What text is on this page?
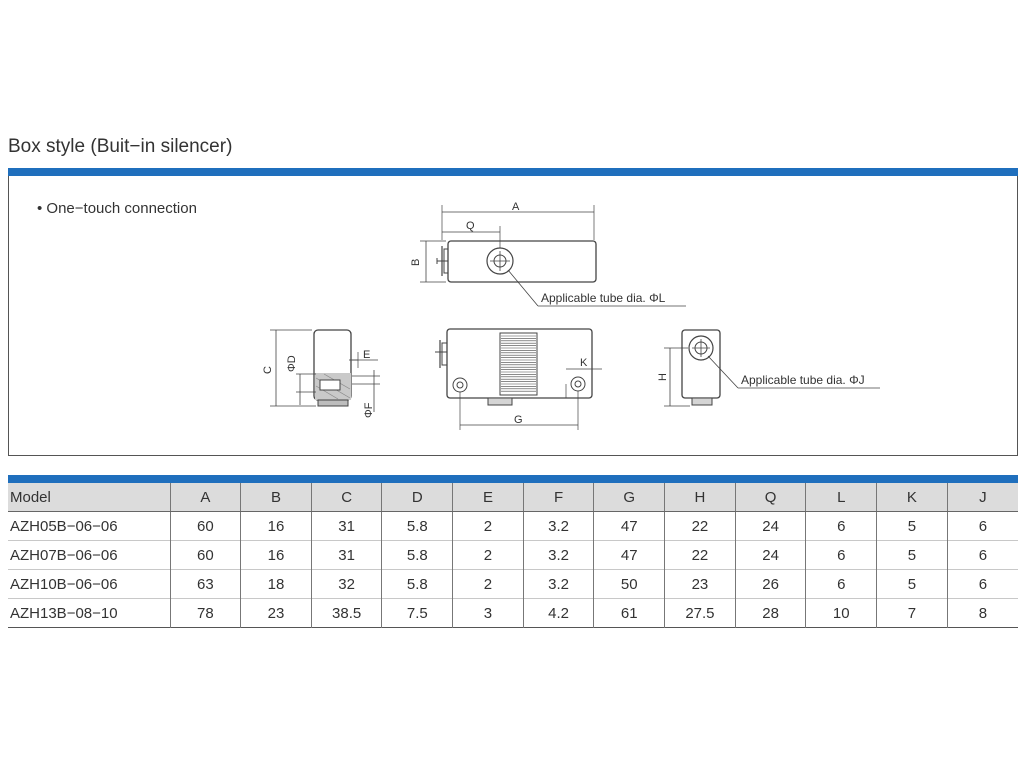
Box style (Buit−in silencer)
• One−touch connection	A
Q
B
Applicable tube dia. ΦL
C ΦD
E
ΦF
G
K
H	Applicable tube dia. ΦJ
Model	A	B	C	D	E	F	G	H	Q	L	K	J
AZH05B−06−06	60	16	31	5.8	2	3.2	47	22	24	6	5	6
AZH07B−06−06	60	16	31	5.8	2	3.2	47	22	24	6	5	6
AZH10B−06−06	63	18	32	5.8	2	3.2	50	23	26	6	5	6
AZH13B−08−10	78	23	38.5	7.5	3	4.2	61	27.5	28	10	7	8
